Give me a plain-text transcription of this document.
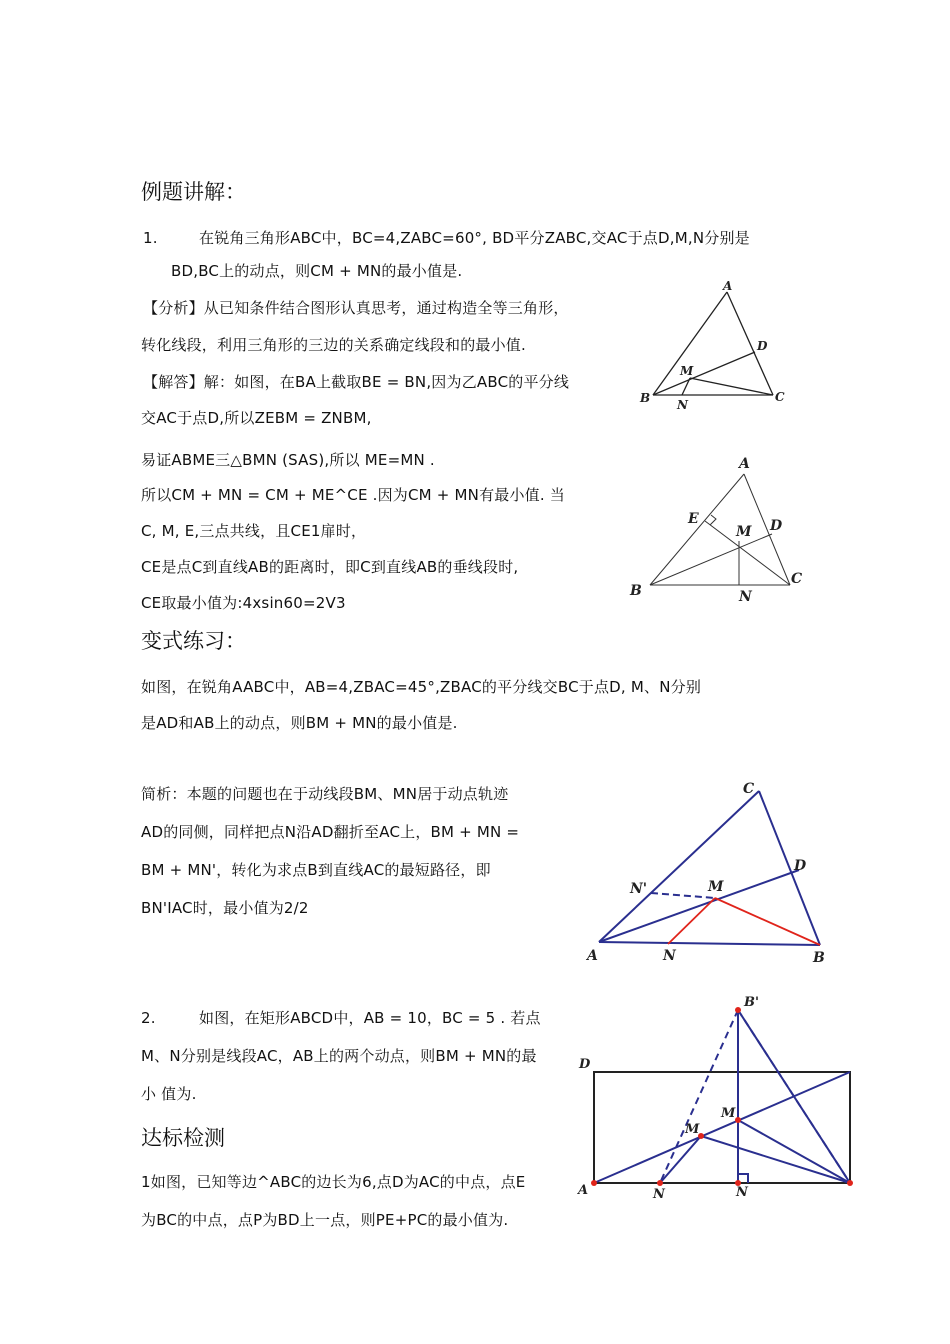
例题讲解：
变式练习：
达标检测
1.	在锐角三角形ABC中，BC=4,ZABC=60°, BD平分ZABC,交AC于点D,M,N分别是
BD,BC上的动点，则CM + MN的最小值是.
【分析】从已知条件结合图形认真思考，通过构造全等三角形，
转化线段，利用三角形的三边的关系确定线段和的最小值.
【解答】解：如图，在BA上截取BE = BN,因为乙ABC的平分线
交AC于点D,所以ZEBM = ZNBM,
易证ABME三△BMN (SAS),所以 ME=MN .
所以CM + MN = CM + ME^CE .因为CM + MN有最小值. 当
C, M, E,三点共线，且CE1扉时，
CE是点C到直线AB的距离时，即C到直线AB的垂线段时,
CE取最小值为:4xsin60=2V3
如图，在锐角AABC中，AB=4,ZBAC=45°,ZBAC的平分线交BC于点D, M、N分别
是AD和AB上的动点，则BM + MN的最小值是.
简析：本题的问题也在于动线段BM、MN居于动点轨迹
AD的同侧，同样把点N沿AD翻折至AC上，BM + MN =
BM + MN'，转化为求点B到直线AC的最短路径，即
BN'IAC时，最小值为2/2
2.	如图，在矩形ABCD中，AB = 10，BC = 5 . 若点
M、N分别是线段AC，AB上的两个动点，则BM + MN的最
小 值为.
1如图，已知等边^ABC的边长为6,点D为AC的中点，点E
为BC的中点，点P为BD上一点，则PE+PC的最小值为.
A
B	C
D
M
N
A
B
C
D
E
M
N
A	B
C
D
M
N
N'
A
D
B'
M
M
N
N
